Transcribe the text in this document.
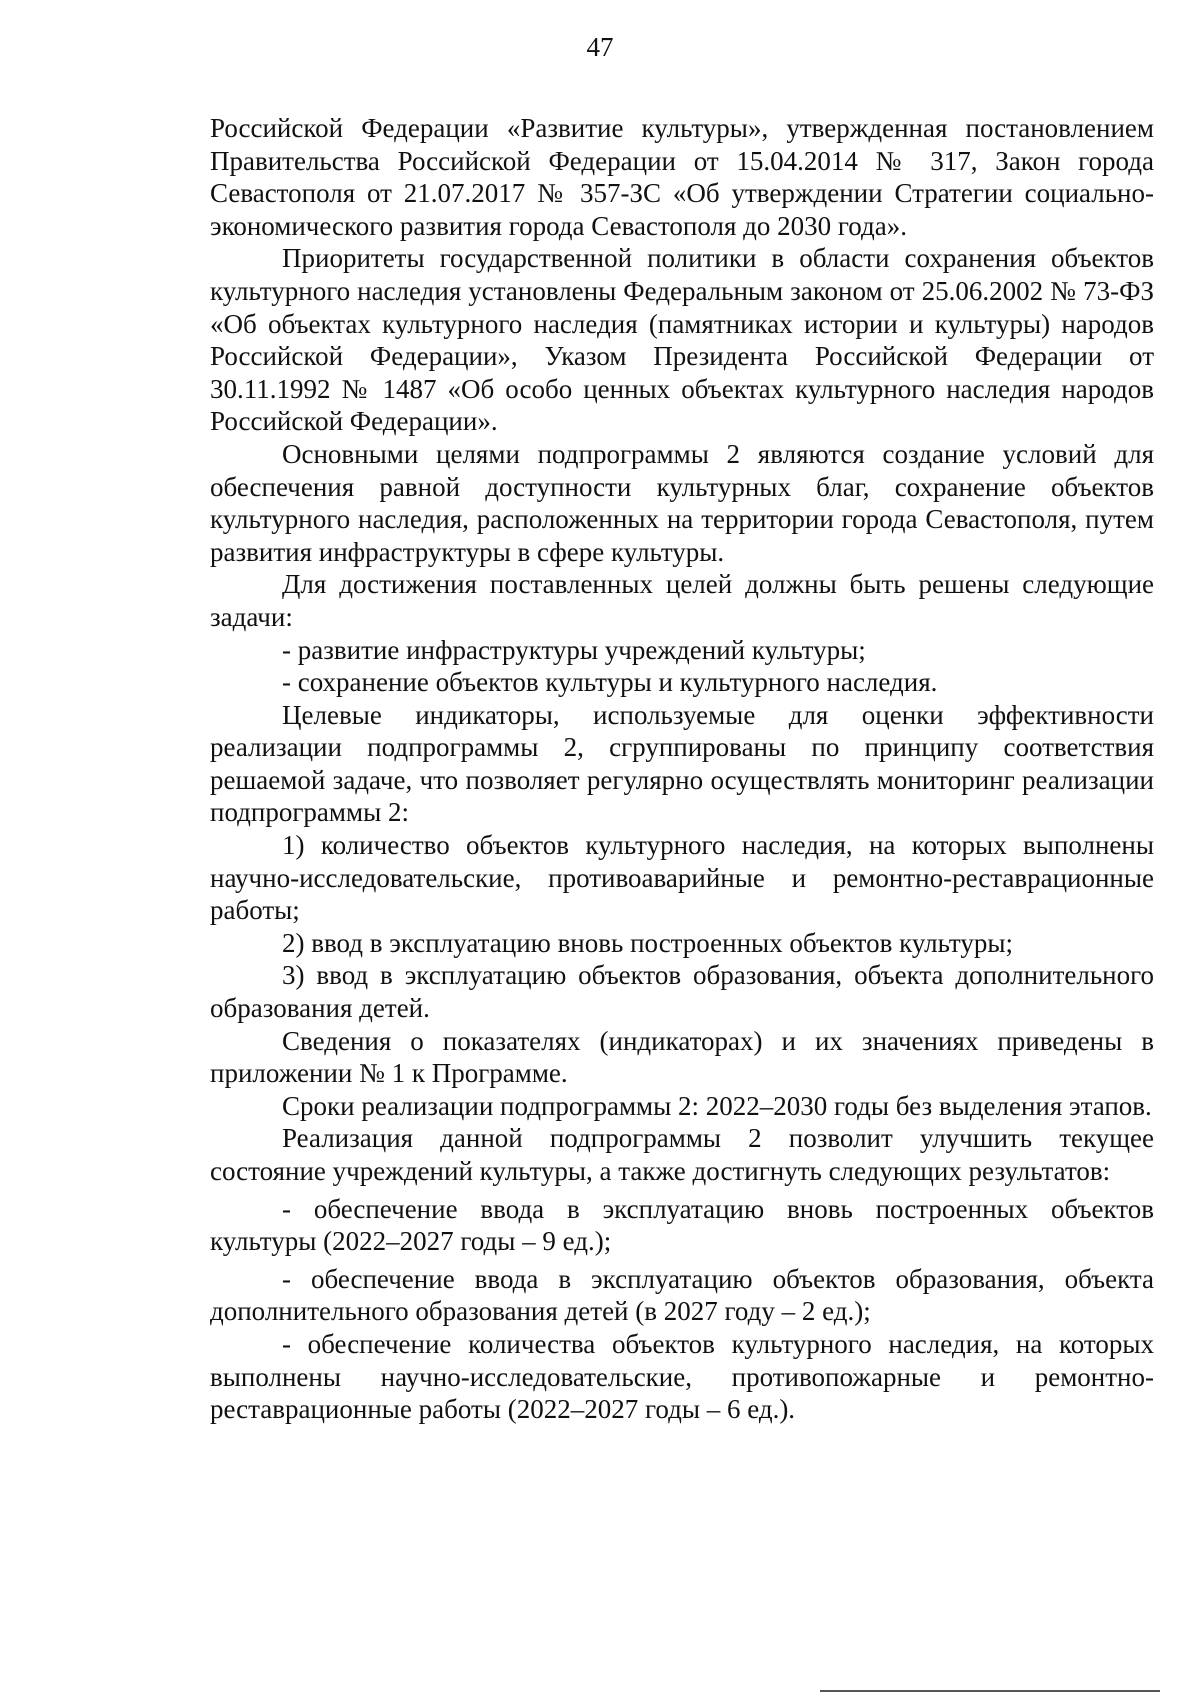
47

Российской Федерации «Развитие культуры», утвержденная постановлением Правительства Российской Федерации от 15.04.2014 № 317, Закон города Севастополя от 21.07.2017 № 357-ЗС «Об утверждении Стратегии социально-экономического развития города Севастополя до 2030 года».

Приоритеты государственной политики в области сохранения объектов культурного наследия установлены Федеральным законом от 25.06.2002 № 73-ФЗ «Об объектах культурного наследия (памятниках истории и культуры) народов Российской Федерации», Указом Президента Российской Федерации от 30.11.1992 № 1487 «Об особо ценных объектах культурного наследия народов Российской Федерации».

Основными целями подпрограммы 2 являются создание условий для обеспечения равной доступности культурных благ, сохранение объектов культурного наследия, расположенных на территории города Севастополя, путем развития инфраструктуры в сфере культуры.

Для достижения поставленных целей должны быть решены следующие задачи:

- развитие инфраструктуры учреждений культуры;

- сохранение объектов культуры и культурного наследия.

Целевые индикаторы, используемые для оценки эффективности реализации подпрограммы 2, сгруппированы по принципу соответствия решаемой задаче, что позволяет регулярно осуществлять мониторинг реализации подпрограммы 2:

1) количество объектов культурного наследия, на которых выполнены научно-исследовательские, противоаварийные и ремонтно-реставрационные работы;

2) ввод в эксплуатацию вновь построенных объектов культуры;

3) ввод в эксплуатацию объектов образования, объекта дополнительного образования детей.

Сведения о показателях (индикаторах) и их значениях приведены в приложении № 1 к Программе.

Сроки реализации подпрограммы 2: 2022–2030 годы без выделения этапов.

Реализация данной подпрограммы 2 позволит улучшить текущее состояние учреждений культуры, а также достигнуть следующих результатов:

- обеспечение ввода в эксплуатацию вновь построенных объектов культуры (2022–2027 годы – 9 ед.);

- обеспечение ввода в эксплуатацию объектов образования, объекта дополнительного образования детей (в 2027 году – 2 ед.);

- обеспечение количества объектов культурного наследия, на которых выполнены научно-исследовательские, противопожарные и ремонтно-реставрационные работы (2022–2027 годы – 6 ед.).
